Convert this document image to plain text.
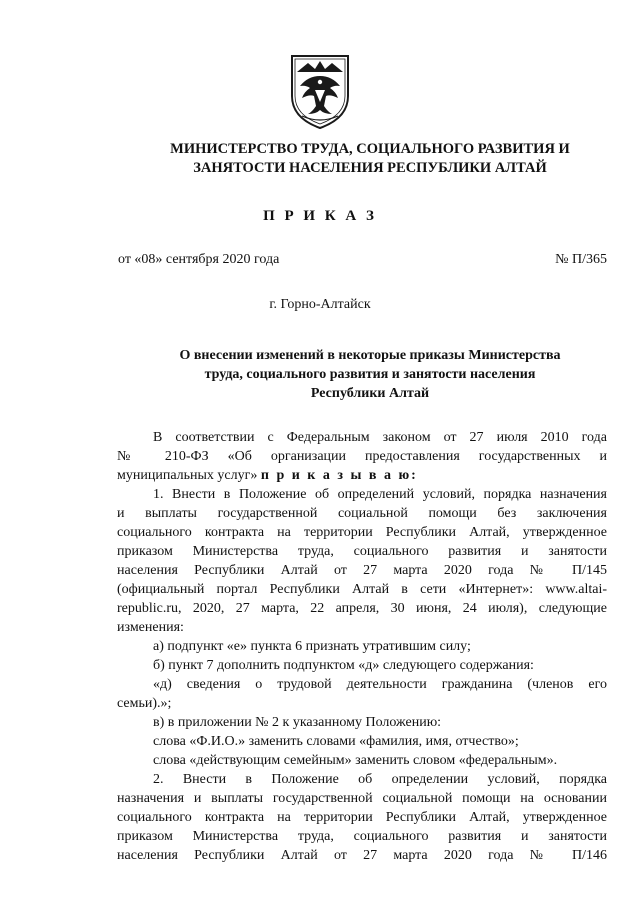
МИНИСТЕРСТВО ТРУДА, СОЦИАЛЬНОГО РАЗВИТИЯ И
ЗАНЯТОСТИ НАСЕЛЕНИЯ РЕСПУБЛИКИ АЛТАЙ
П Р И К А З
от «08» сентября 2020 года	№ П/365
г. Горно-Алтайск
О внесении изменений в некоторые приказы Министерства
труда, социального развития и занятости населения
Республики Алтай
В соответствии с Федеральным законом от 27 июля 2010 года
№ 210-ФЗ «Об организации предоставления государственных и
муниципальных услуг» п р и к а з ы в а ю:
1. Внести в Положение об определений условий, порядка назначения
и выплаты государственной социальной помощи без заключения
социального контракта на территории Республики Алтай, утвержденное
приказом Министерства труда, социального развития и занятости
населения Республики Алтай от 27 марта 2020 года № П/145
(официальный портал Республики Алтай в сети «Интернет»: www.altai-
republic.ru, 2020, 27 марта, 22 апреля, 30 июня, 24 июля), следующие
изменения:
а) подпункт «е» пункта 6 признать утратившим силу;
б) пункт 7 дополнить подпунктом «д» следующего содержания:
«д) сведения о трудовой деятельности гражданина (членов его
семьи).»;
в) в приложении № 2 к указанному Положению:
слова «Ф.И.О.» заменить словами «фамилия, имя, отчество»;
слова «действующим семейным» заменить словом «федеральным».
2. Внести в Положение об определении условий, порядка
назначения и выплаты государственной социальной помощи на основании
социального контракта на территории Республики Алтай, утвержденное
приказом Министерства труда, социального развития и занятости
населения Республики Алтай от 27 марта 2020 года № П/146
